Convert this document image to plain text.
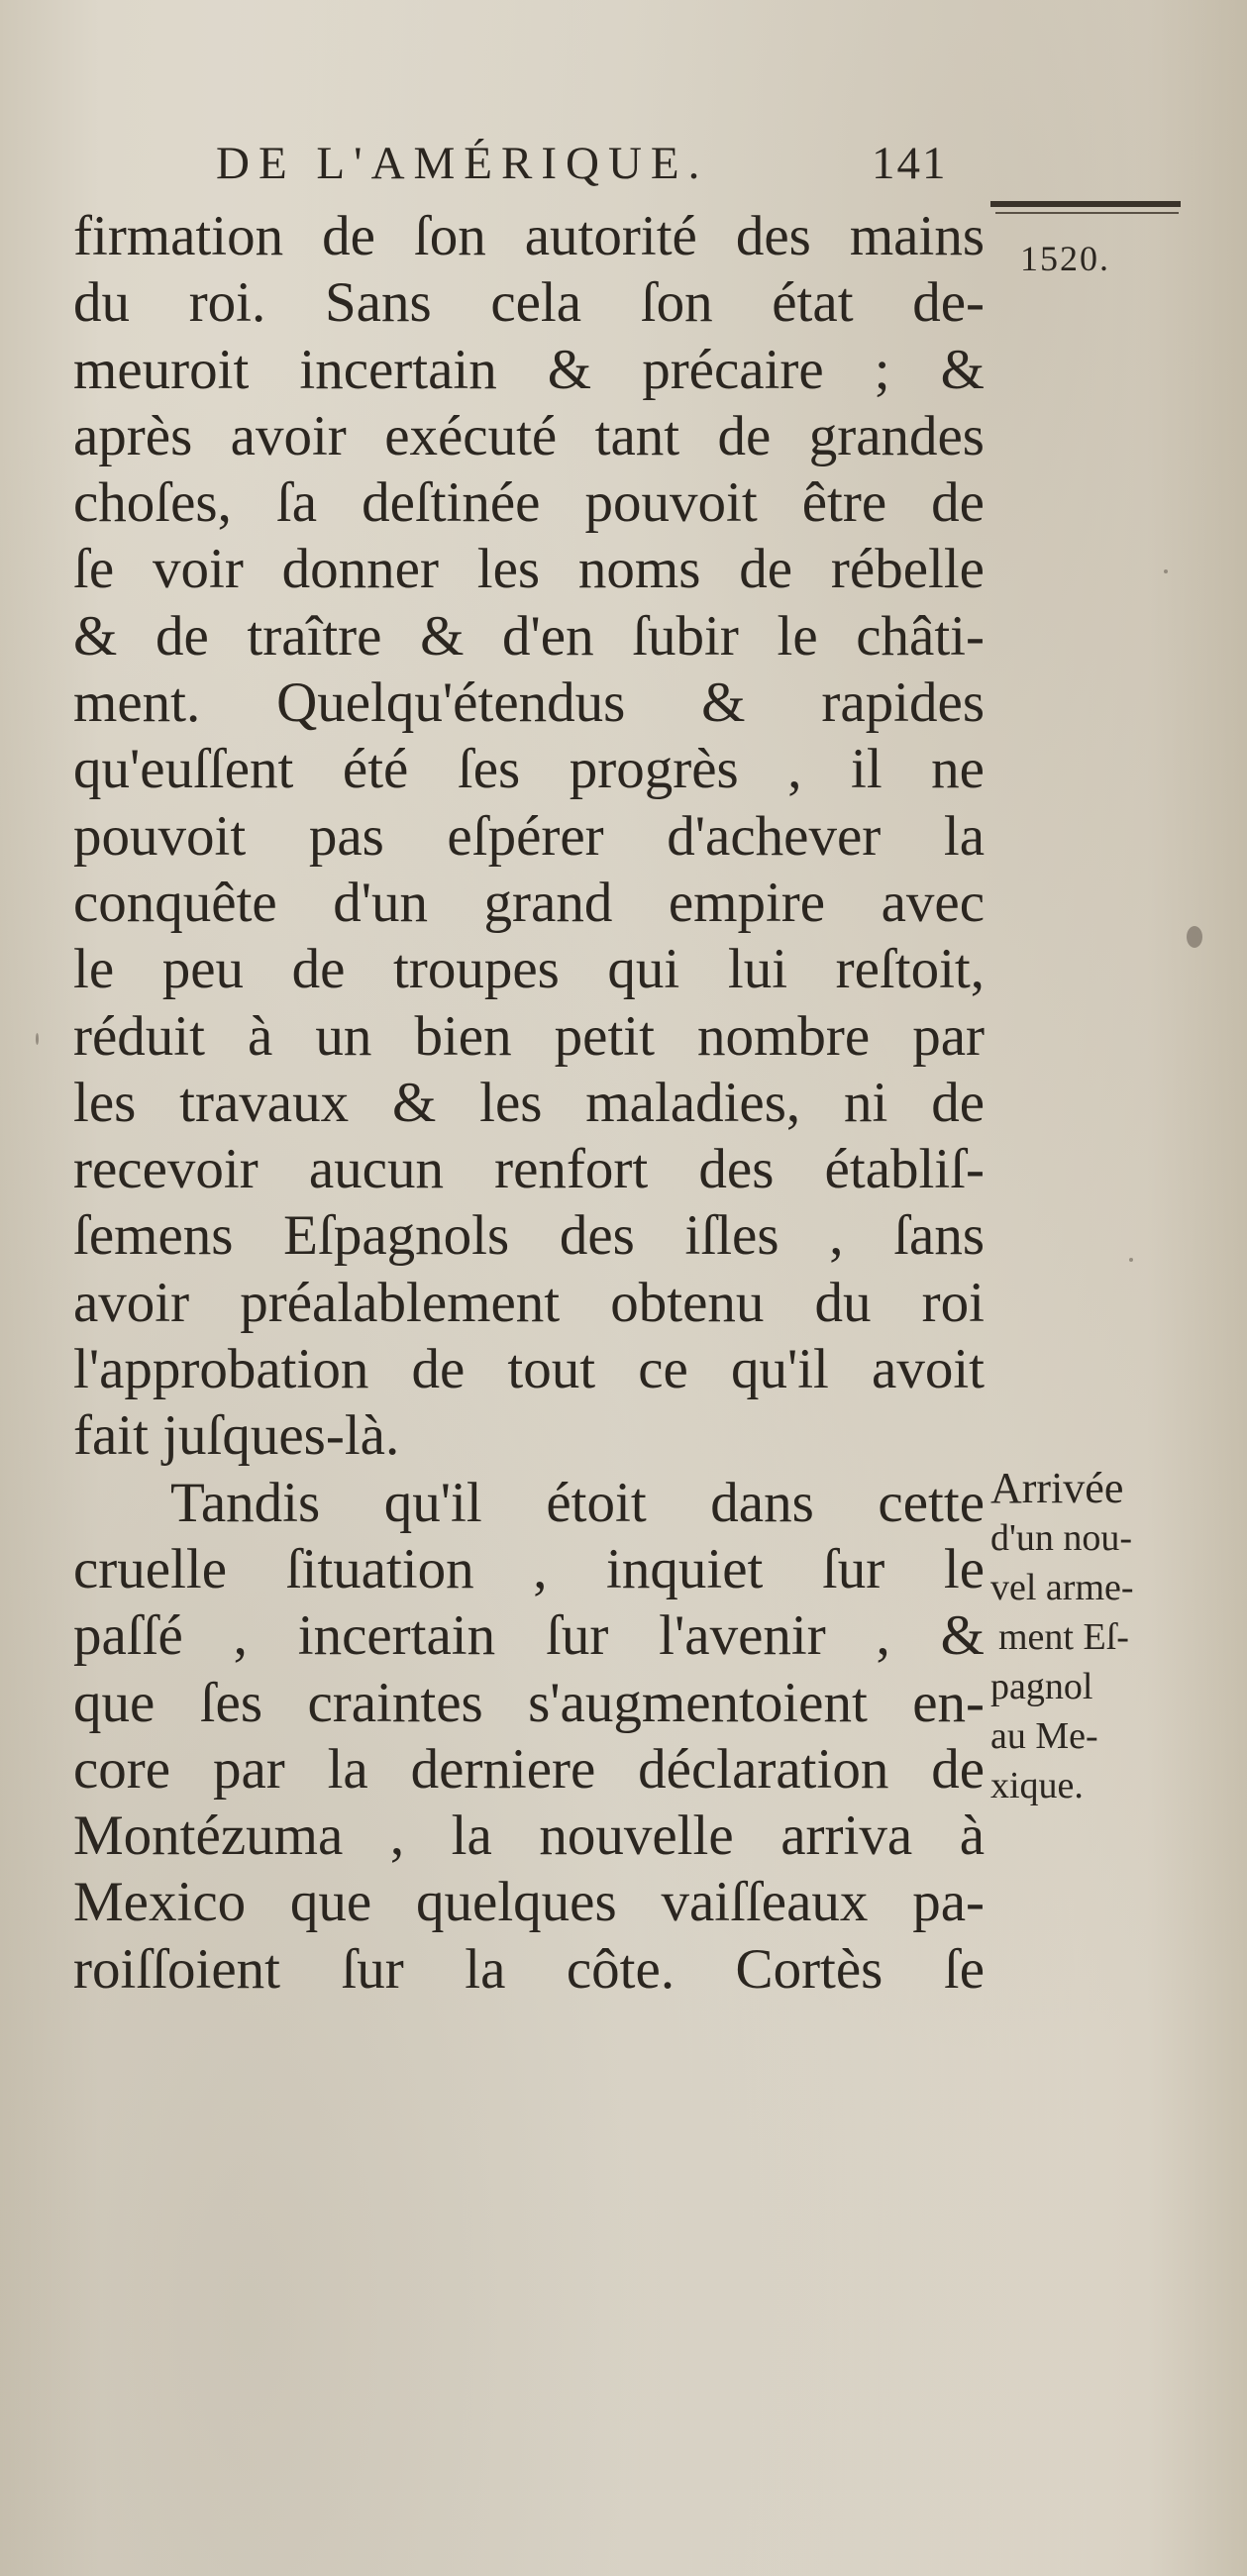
DE L'AMÉRIQUE.	141
1520.
firmation de ſon autorité des mains
du roi. Sans cela ſon état de-
meuroit incertain & précaire ; &
après avoir exécuté tant de grandes
choſes, ſa deſtinée pouvoit être de
ſe voir donner les noms de rébelle
& de traître & d'en ſubir le châti-
ment. Quelqu'étendus & rapides
qu'euſſent été ſes progrès , il ne
pouvoit pas eſpérer d'achever la
conquête d'un grand empire avec
le peu de troupes qui lui reſtoit,
réduit à un bien petit nombre par
les travaux & les maladies, ni de
recevoir aucun renfort des établiſ-
ſemens Eſpagnols des iſles , ſans
avoir préalablement obtenu du roi
l'approbation de tout ce qu'il avoit
fait juſques-là.
Tandis qu'il étoit dans cette
cruelle ſituation , inquiet ſur le
paſſé , incertain ſur l'avenir , &
que ſes craintes s'augmentoient en-
core par la derniere déclaration de
Montézuma , la nouvelle arriva à
Mexico que quelques vaiſſeaux pa-
roiſſoient ſur la côte. Cortès ſe
Arrivée
d'un nou-
vel arme-
ment Eſ-
pagnol
au Me-
xique.
